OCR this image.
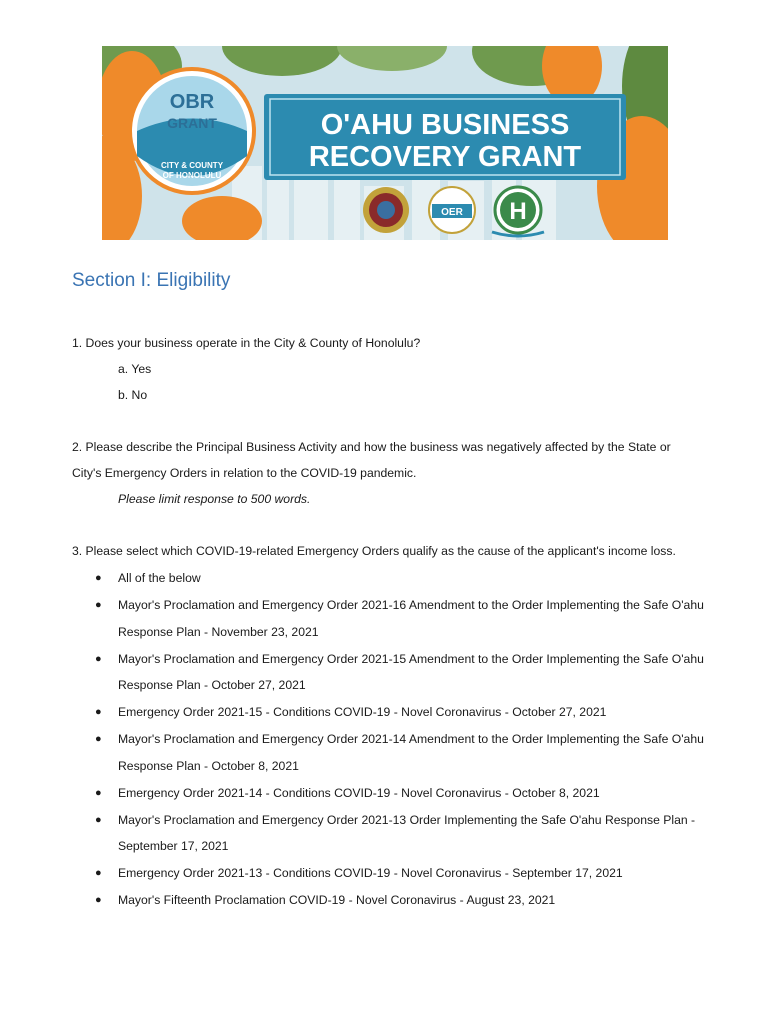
OBR
GRANT
CITY & COUNTY
OF HONOLULU
O'AHU BUSINESS
RECOVERY GRANT
OER H
Section I: Eligibility
1. Does your business operate in the City & County of Honolulu?
a. Yes
b. No
2. Please describe the Principal Business Activity and how the business was negatively affected by the State or
City's Emergency Orders in relation to the COVID-19 pandemic.
Please limit response to 500 words.
3. Please select which COVID-19-related Emergency Orders qualify as the cause of the applicant's income loss.
● All of the below
● Mayor's Proclamation and Emergency Order 2021-16 Amendment to the Order Implementing the Safe O'ahu Response Plan - November 23, 2021
● Mayor's Proclamation and Emergency Order 2021-15 Amendment to the Order Implementing the Safe O'ahu Response Plan - October 27, 2021
● Emergency Order 2021-15 - Conditions COVID-19 - Novel Coronavirus - October 27, 2021
● Mayor's Proclamation and Emergency Order 2021-14 Amendment to the Order Implementing the Safe O'ahu Response Plan - October 8, 2021
● Emergency Order 2021-14 - Conditions COVID-19 - Novel Coronavirus - October 8, 2021
● Mayor's Proclamation and Emergency Order 2021-13 Order Implementing the Safe O'ahu Response Plan - September 17, 2021
● Emergency Order 2021-13 - Conditions COVID-19 - Novel Coronavirus - September 17, 2021
● Mayor's Fifteenth Proclamation COVID-19 - Novel Coronavirus - August 23, 2021
